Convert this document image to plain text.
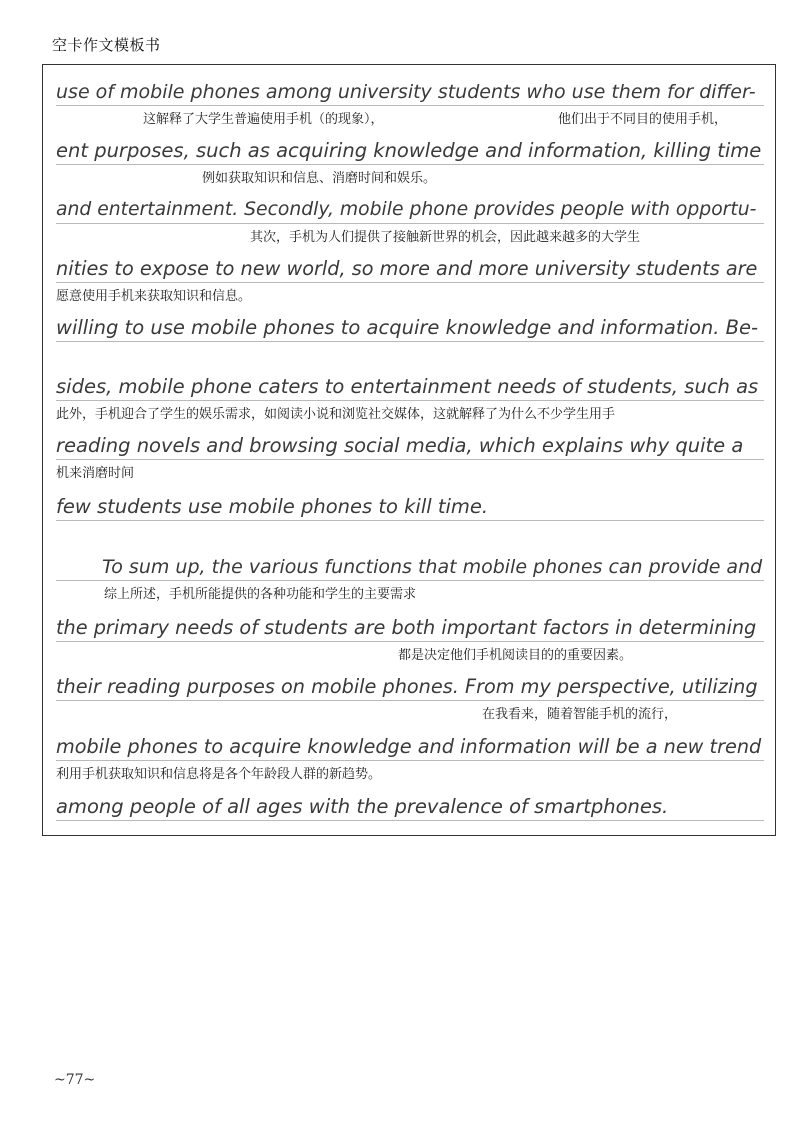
空卡作文模板书
use of mobile phones among university students who use them for differ-
这解释了大学生普遍使用手机（的现象），	他们出于不同目的使用手机，
ent purposes, such as acquiring knowledge and information, killing time
例如获取知识和信息、消磨时间和娱乐。
and entertainment. Secondly, mobile phone provides people with opportu-
其次，手机为人们提供了接触新世界的机会，因此越来越多的大学生
nities to expose to new world, so more and more university students are
愿意使用手机来获取知识和信息。
willing to use mobile phones to acquire knowledge and information. Be-
sides, mobile phone caters to entertainment needs of students, such as
此外，手机迎合了学生的娱乐需求，如阅读小说和浏览社交媒体，这就解释了为什么不少学生用手
reading novels and browsing social media, which explains why quite a
机来消磨时间
few students use mobile phones to kill time.
To sum up, the various functions that mobile phones can provide and
综上所述，手机所能提供的各种功能和学生的主要需求
the primary needs of students are both important factors in determining
都是决定他们手机阅读目的的重要因素。
their reading purposes on mobile phones. From my perspective, utilizing
在我看来，随着智能手机的流行，
mobile phones to acquire knowledge and information will be a new trend
利用手机获取知识和信息将是各个年龄段人群的新趋势。
among people of all ages with the prevalence of smartphones.
~77~
